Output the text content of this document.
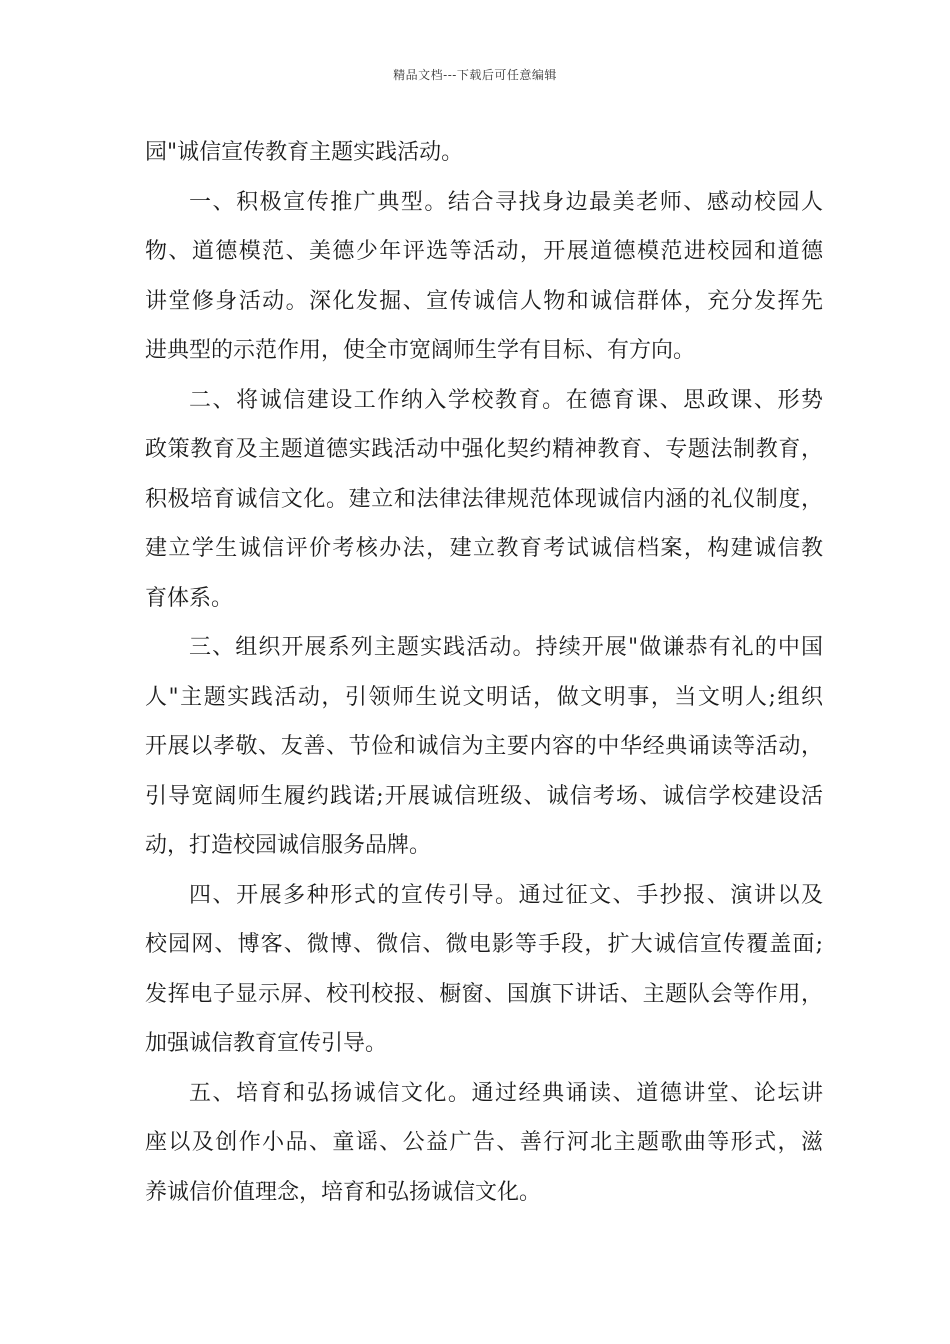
精品文档---下载后可任意编辑
园"诚信宣传教育主题实践活动。
一、积极宣传推广典型。结合寻找身边最美老师、感动校园人
物、道德模范、美德少年评选等活动，开展道德模范进校园和道德
讲堂修身活动。深化发掘、宣传诚信人物和诚信群体，充分发挥先
进典型的示范作用，使全市宽阔师生学有目标、有方向。
二、将诚信建设工作纳入学校教育。在德育课、思政课、形势
政策教育及主题道德实践活动中强化契约精神教育、专题法制教育，
积极培育诚信文化。建立和法律法律规范体现诚信内涵的礼仪制度，
建立学生诚信评价考核办法，建立教育考试诚信档案，构建诚信教
育体系。
三、组织开展系列主题实践活动。持续开展"做谦恭有礼的中国
人"主题实践活动，引领师生说文明话，做文明事，当文明人;组织
开展以孝敬、友善、节俭和诚信为主要内容的中华经典诵读等活动，
引导宽阔师生履约践诺;开展诚信班级、诚信考场、诚信学校建设活
动，打造校园诚信服务品牌。
四、开展多种形式的宣传引导。通过征文、手抄报、演讲以及
校园网、博客、微博、微信、微电影等手段，扩大诚信宣传覆盖面;
发挥电子显示屏、校刊校报、橱窗、国旗下讲话、主题队会等作用，
加强诚信教育宣传引导。
五、培育和弘扬诚信文化。通过经典诵读、道德讲堂、论坛讲
座以及创作小品、童谣、公益广告、善行河北主题歌曲等形式，滋
养诚信价值理念，培育和弘扬诚信文化。
